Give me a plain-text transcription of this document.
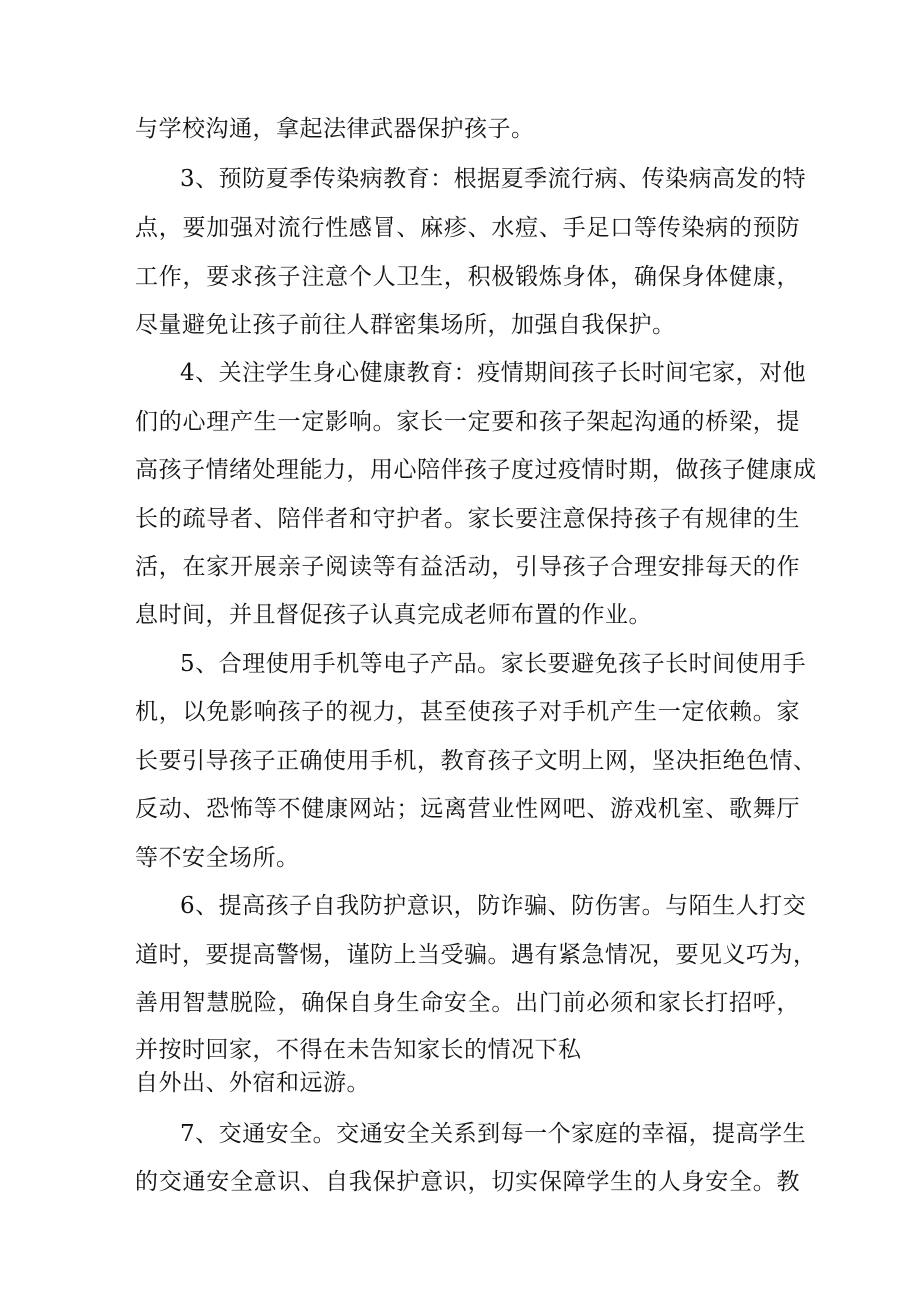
与学校沟通，拿起法律武器保护孩子。
3、预防夏季传染病教育：根据夏季流行病、传染病高发的特
点，要加强对流行性感冒、麻疹、水痘、手足口等传染病的预防
工作，要求孩子注意个人卫生，积极锻炼身体，确保身体健康，
尽量避免让孩子前往人群密集场所，加强自我保护。
4、关注学生身心健康教育：疫情期间孩子长时间宅家，对他
们的心理产生一定影响。家长一定要和孩子架起沟通的桥梁，提
高孩子情绪处理能力，用心陪伴孩子度过疫情时期，做孩子健康成
长的疏导者、陪伴者和守护者。家长要注意保持孩子有规律的生
活，在家开展亲子阅读等有益活动，引导孩子合理安排每天的作
息时间，并且督促孩子认真完成老师布置的作业。
5、合理使用手机等电子产品。家长要避免孩子长时间使用手
机，以免影响孩子的视力，甚至使孩子对手机产生一定依赖。家
长要引导孩子正确使用手机，教育孩子文明上网，坚决拒绝色情、
反动、恐怖等不健康网站；远离营业性网吧、游戏机室、歌舞厅
等不安全场所。
6、提高孩子自我防护意识，防诈骗、防伤害。与陌生人打交
道时，要提高警惕，谨防上当受骗。遇有紧急情况，要见义巧为，
善用智慧脱险，确保自身生命安全。出门前必须和家长打招呼，
并按时回家，不得在未告知家长的情况下私
自外出、外宿和远游。
7、交通安全。交通安全关系到每一个家庭的幸福，提高学生
的交通安全意识、自我保护意识，切实保障学生的人身安全。教
